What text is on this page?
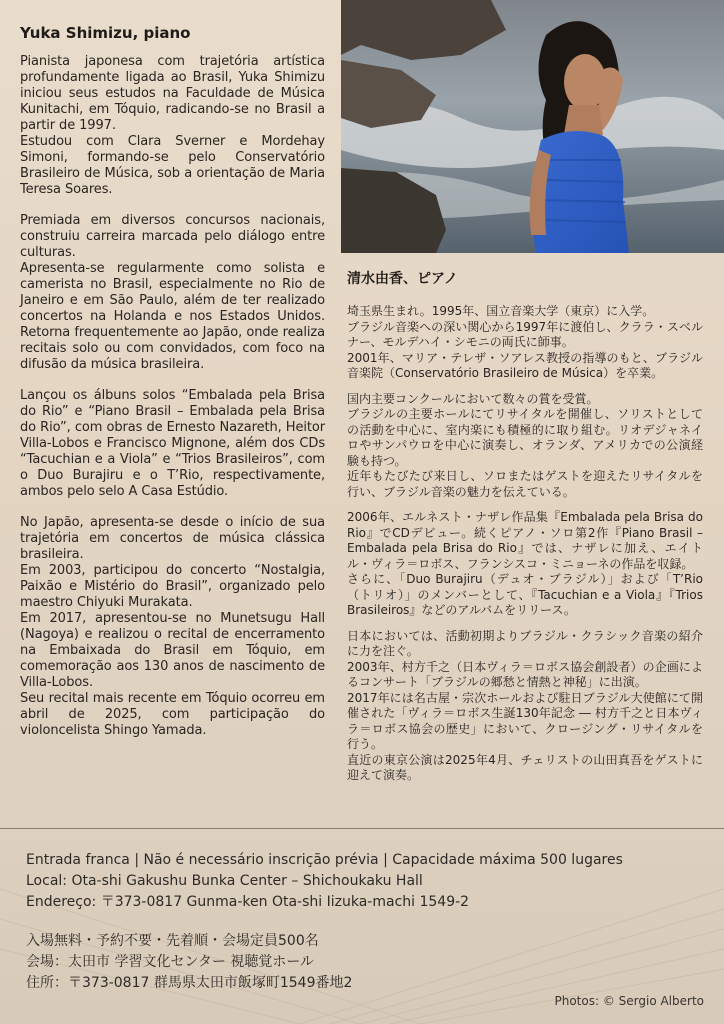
Yuka Shimizu, piano

Pianista japonesa com trajetória artística profundamente ligada ao Brasil, Yuka Shimizu iniciou seus estudos na Faculdade de Música Kunitachi, em Tóquio, radicando-se no Brasil a partir de 1997.

Estudou com Clara Sverner e Mordehay Simoni, formando-se pelo Conservatório Brasileiro de Música, sob a orientação de Maria Teresa Soares.

Premiada em diversos concursos nacionais, construiu carreira marcada pelo diálogo entre culturas.

Apresenta-se regularmente como solista e camerista no Brasil, especialmente no Rio de Janeiro e em São Paulo, além de ter realizado concertos na Holanda e nos Estados Unidos. Retorna frequentemente ao Japão, onde realiza recitais solo ou com convidados, com foco na difusão da música brasileira.

Lançou os álbuns solos “Embalada pela Brisa do Rio” e “Piano Brasil – Embalada pela Brisa do Rio”, com obras de Ernesto Nazareth, Heitor Villa-Lobos e Francisco Mignone, além dos CDs “Tacuchian e a Viola” e “Trios Brasileiros”, com o Duo Burajiru e o T’Rio, respectivamente, ambos pelo selo A Casa Estúdio.

No Japão, apresenta-se desde o início de sua trajetória em concertos de música clássica brasileira.

Em 2003, participou do concerto “Nostalgia, Paixão e Mistério do Brasil”, organizado pelo maestro Chiyuki Murakata.

Em 2017, apresentou-se no Munetsugu Hall (Nagoya) e realizou o recital de encerramento na Embaixada do Brasil em Tóquio, em comemoração aos 130 anos de nascimento de Villa-Lobos.

Seu recital mais recente em Tóquio ocorreu em abril de 2025, com participação do violoncelista Shingo Yamada.

清水由香、ピアノ

埼玉県生まれ。1995年、国立音楽大学（東京）に入学。

ブラジル音楽への深い関心から1997年に渡伯し、クララ・スベルナー、モルデハイ・シモニの両氏に師事。

2001年、マリア・テレザ・ソアレス教授の指導のもと、ブラジル音楽院（Conservatório Brasileiro de Música）を卒業。

国内主要コンクールにおいて数々の賞を受賞。

ブラジルの主要ホールにてリサイタルを開催し、ソリストとしての活動を中心に、室内楽にも積極的に取り組む。リオデジャネイロやサンパウロを中心に演奏し、オランダ、アメリカでの公演経験も持つ。

近年もたびたび来日し、ソロまたはゲストを迎えたリサイタルを行い、ブラジル音楽の魅力を伝えている。

2006年、エルネスト・ナザレ作品集『Embalada pela Brisa do Rio』でCDデビュー。続くピアノ・ソロ第2作『Piano Brasil – Embalada pela Brisa do Rio』では、ナザレに加え、エイトル・ヴィラ＝ロボス、フランシスコ・ミニョーネの作品を収録。

さらに、「Duo Burajiru（デュオ・ブラジル）」および「T’Rio（トリオ）」のメンバーとして、『Tacuchian e a Viola』『Trios Brasileiros』などのアルバムをリリース。

日本においては、活動初期よりブラジル・クラシック音楽の紹介に力を注ぐ。

2003年、村方千之（日本ヴィラ＝ロボス協会創設者）の企画によるコンサート「ブラジルの郷愁と情熱と神秘」に出演。

2017年には名古屋・宗次ホールおよび駐日ブラジル大使館にて開催された「ヴィラ＝ロボス生誕130年記念 ― 村方千之と日本ヴィラ＝ロボス協会の歴史」において、クロージング・リサイタルを行う。

直近の東京公演は2025年4月、チェリストの山田真吾をゲストに迎えて演奏。

Entrada franca | Não é necessário inscrição prévia | Capacidade máxima 500 lugares

Local: Ota-shi Gakushu Bunka Center – Shichoukaku Hall

Endereço: 〒373-0817 Gunma-ken Ota-shi Iizuka-machi 1549-2

入場無料・予約不要・先着順・会場定員500名

会場：太田市 学習文化センター 視聴覚ホール

住所：〒373-0817 群馬県太田市飯塚町1549番地2

Photos: © Sergio Alberto
